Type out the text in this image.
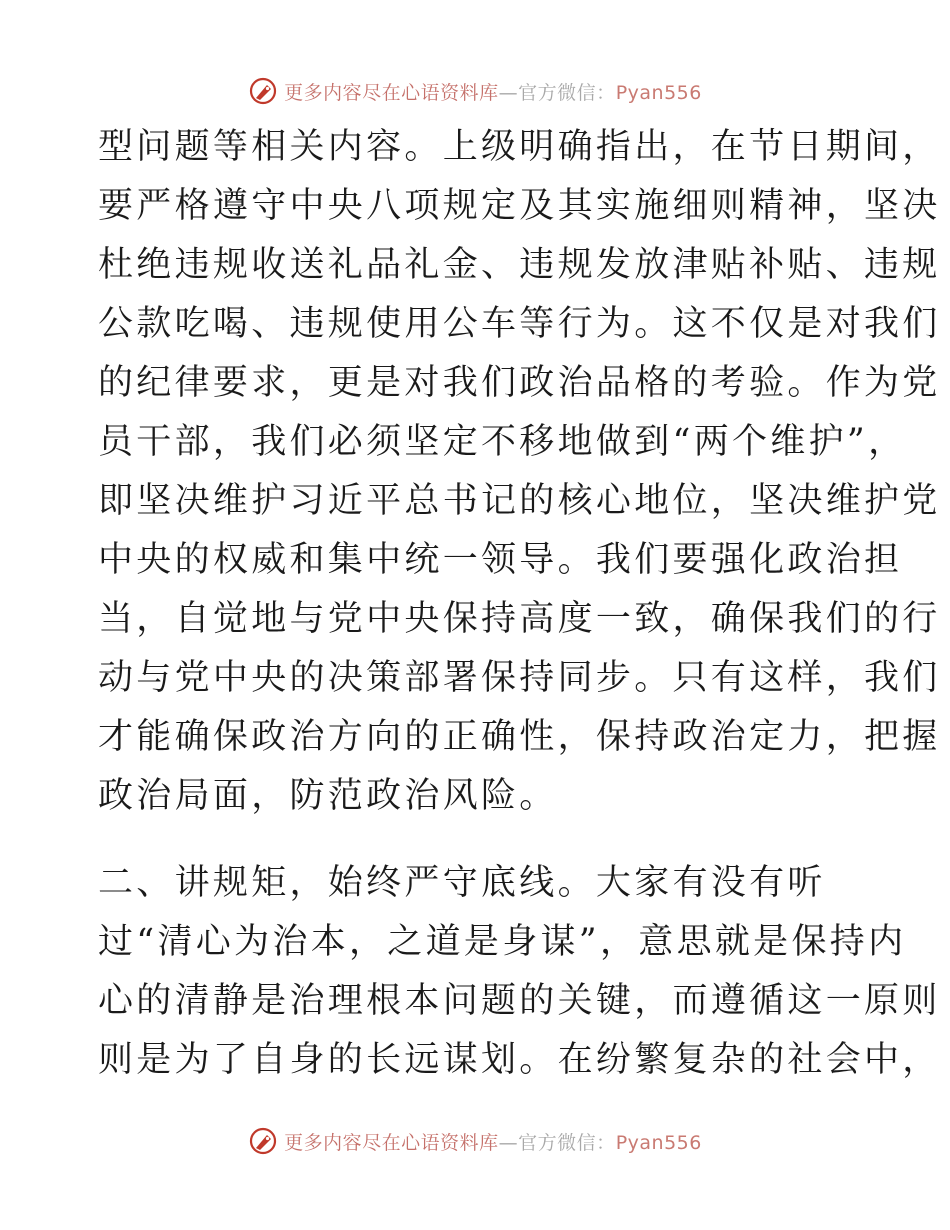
更多内容尽在心语资料库—官方微信：Pyan556
型问题等相关内容。上级明确指出，在节日期间，
要严格遵守中央八项规定及其实施细则精神，坚决
杜绝违规收送礼品礼金、违规发放津贴补贴、违规
公款吃喝、违规使用公车等行为。这不仅是对我们
的纪律要求，更是对我们政治品格的考验。作为党
员干部，我们必须坚定不移地做到“两个维护”，
即坚决维护习近平总书记的核心地位，坚决维护党
中央的权威和集中统一领导。我们要强化政治担
当，自觉地与党中央保持高度一致，确保我们的行
动与党中央的决策部署保持同步。只有这样，我们
才能确保政治方向的正确性，保持政治定力，把握
政治局面，防范政治风险。
二、讲规矩，始终严守底线。大家有没有听
过“清心为治本，之道是身谋”，意思就是保持内
心的清静是治理根本问题的关键，而遵循这一原则
则是为了自身的长远谋划。在纷繁复杂的社会中，
更多内容尽在心语资料库—官方微信：Pyan556
